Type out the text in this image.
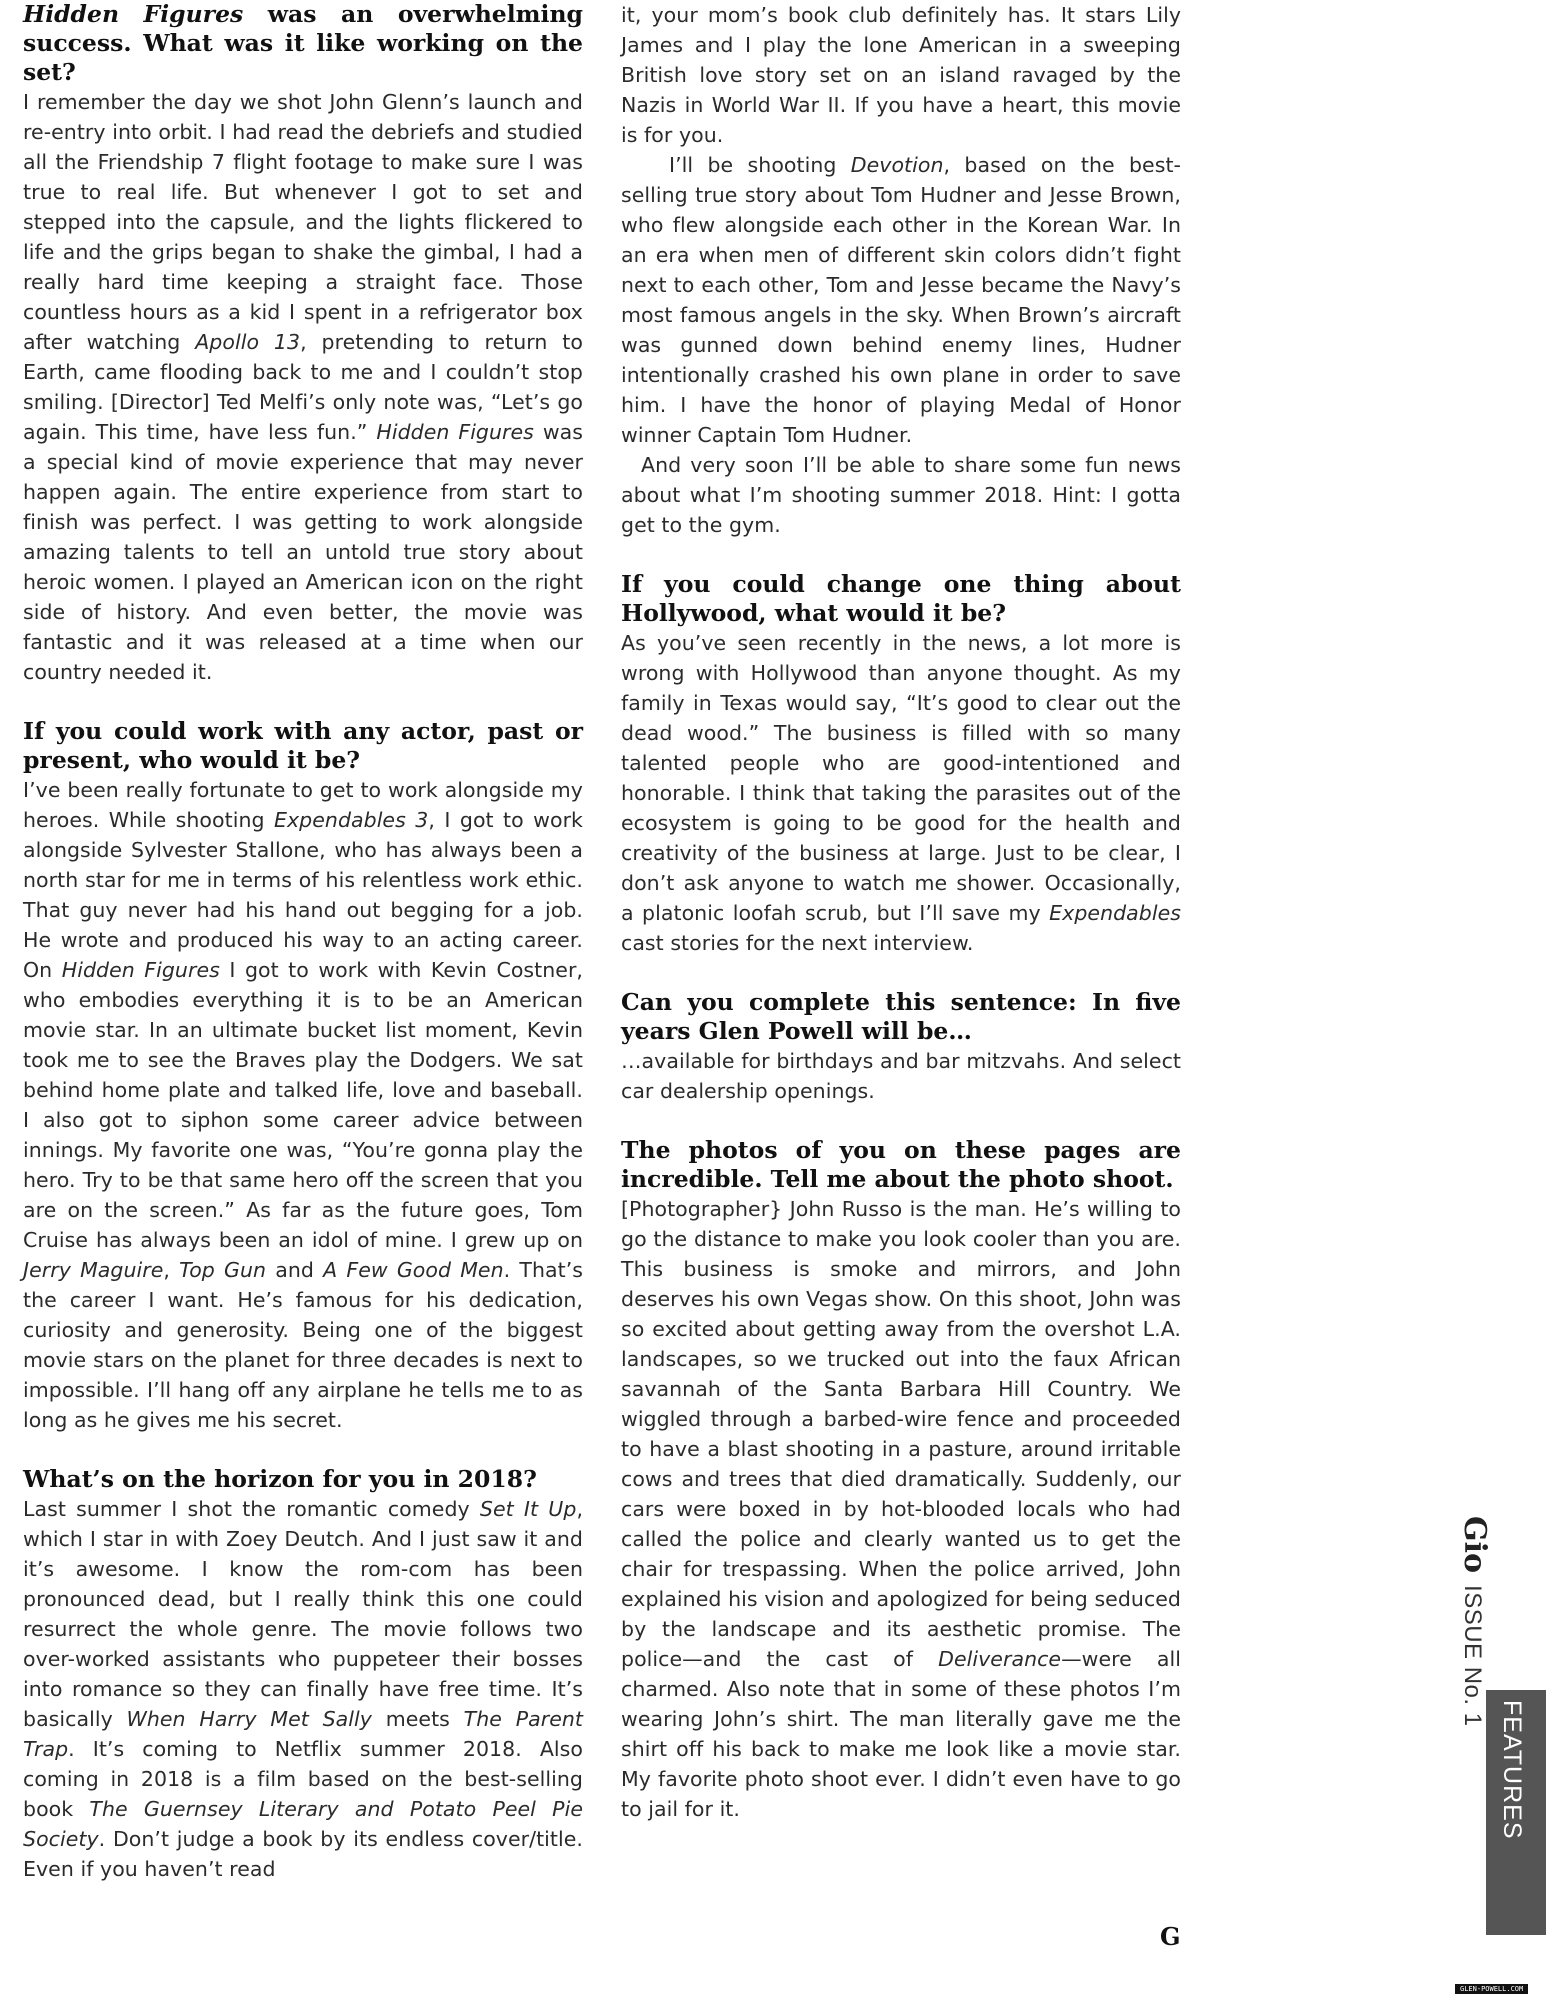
Hidden Figures was an overwhelming success. What was it like working on the set?

I remember the day we shot John Glenn’s launch and re-entry into orbit. I had read the debriefs and studied all the Friendship 7 flight footage to make sure I was true to real life. But whenever I got to set and stepped into the capsule, and the lights flickered to life and the grips began to shake the gimbal, I had a really hard time keeping a straight face. Those countless hours as a kid I spent in a refrigerator box after watching Apollo 13, pretending to return to Earth, came flooding back to me and I couldn’t stop smiling. [Director] Ted Melfi’s only note was, “Let’s go again. This time, have less fun.” Hidden Figures was a special kind of movie experience that may never happen again. The entire experience from start to finish was perfect. I was getting to work alongside amazing talents to tell an untold true story about heroic women. I played an American icon on the right side of history. And even better, the movie was fantastic and it was released at a time when our country needed it.

If you could work with any actor, past or present, who would it be?

I’ve been really fortunate to get to work alongside my heroes. While shooting Expendables 3, I got to work alongside Sylvester Stallone, who has always been a north star for me in terms of his relentless work ethic. That guy never had his hand out begging for a job. He wrote and produced his way to an acting career. On Hidden Figures I got to work with Kevin Costner, who embodies everything it is to be an American movie star. In an ultimate bucket list moment, Kevin took me to see the Braves play the Dodgers. We sat behind home plate and talked life, love and baseball. I also got to siphon some career advice between innings. My favorite one was, “You’re gonna play the hero. Try to be that same hero off the screen that you are on the screen.” As far as the future goes, Tom Cruise has always been an idol of mine. I grew up on Jerry Maguire, Top Gun and A Few Good Men. That’s the career I want. He’s famous for his dedication, curiosity and generosity. Being one of the biggest movie stars on the planet for three decades is next to impossible. I’ll hang off any airplane he tells me to as long as he gives me his secret.

What’s on the horizon for you in 2018?

Last summer I shot the romantic comedy Set It Up, which I star in with Zoey Deutch. And I just saw it and it’s awesome. I know the rom-com has been pronounced dead, but I really think this one could resurrect the whole genre. The movie follows two over-worked assistants who puppeteer their bosses into romance so they can finally have free time. It’s basically When Harry Met Sally meets The Parent Trap. It’s coming to Netflix summer 2018. Also coming in 2018 is a film based on the best-selling book The Guernsey Literary and Potato Peel Pie Society. Don’t judge a book by its endless cover/title. Even if you haven’t read

it, your mom’s book club definitely has. It stars Lily James and I play the lone American in a sweeping British love story set on an island ravaged by the Nazis in World War II. If you have a heart, this movie is for you.

I’ll be shooting Devotion, based on the best-selling true story about Tom Hudner and Jesse Brown, who flew alongside each other in the Korean War. In an era when men of different skin colors didn’t fight next to each other, Tom and Jesse became the Navy’s most famous angels in the sky. When Brown’s aircraft was gunned down behind enemy lines, Hudner intentionally crashed his own plane in order to save him. I have the honor of playing Medal of Honor winner Captain Tom Hudner.

And very soon I’ll be able to share some fun news about what I’m shooting summer 2018. Hint: I gotta get to the gym.

If you could change one thing about Hollywood, what would it be?

As you’ve seen recently in the news, a lot more is wrong with Hollywood than anyone thought. As my family in Texas would say, “It’s good to clear out the dead wood.” The business is filled with so many talented people who are good-intentioned and honorable. I think that taking the parasites out of the ecosystem is going to be good for the health and creativity of the business at large. Just to be clear, I don’t ask anyone to watch me shower. Occasionally, a platonic loofah scrub, but I’ll save my Expendables cast stories for the next interview.

Can you complete this sentence: In five years Glen Powell will be…

…available for birthdays and bar mitzvahs. And select car dealership openings.

The photos of you on these pages are incredible. Tell me about the photo shoot.

[Photographer} John Russo is the man. He’s willing to go the distance to make you look cooler than you are. This business is smoke and mirrors, and John deserves his own Vegas show. On this shoot, John was so excited about getting away from the overshot L.A. landscapes, so we trucked out into the faux African savannah of the Santa Barbara Hill Country. We wiggled through a barbed-wire fence and proceeded to have a blast shooting in a pasture, around irritable cows and trees that died dramatically. Suddenly, our cars were boxed in by hot-blooded locals who had called the police and clearly wanted us to get the chair for trespassing. When the police arrived, John explained his vision and apologized for being seduced by the landscape and its aesthetic promise. The police—and the cast of Deliverance—were all charmed. Also note that in some of these photos I’m wearing John’s shirt. The man literally gave me the shirt off his back to make me look like a movie star. My favorite photo shoot ever. I didn’t even have to go to jail for it.

G
Gio
ISSUE No. 1
FEATURES
GLEN-POWELL.COM
